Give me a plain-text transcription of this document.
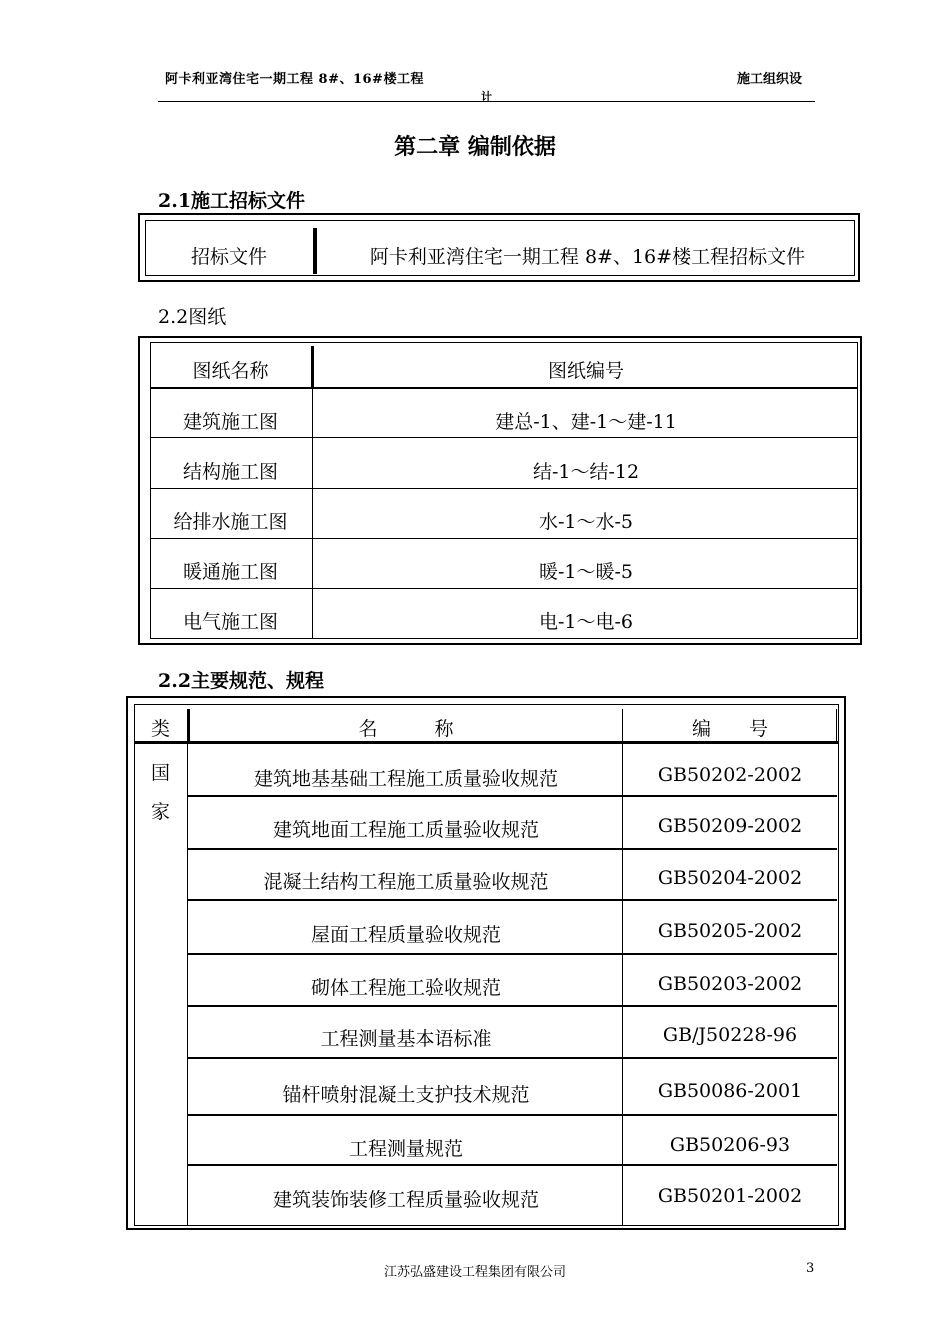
阿卡利亚湾住宅一期工程 8#、16#楼工程	施工组织设
计
第二章 编制依据
2.1施工招标文件
招标文件	阿卡利亚湾住宅一期工程 8#、16#楼工程招标文件
2.2图纸
图纸名称	图纸编号
建筑施工图	建总-1、建-1～建-11
结构施工图	结-1～结-12
给排水施工图	水-1～水-5
暖通施工图	暖-1～暖-5
电气施工图	电-1～电-6
2.2主要规范、规程
类	名　　　称	编　　号
国
家
建筑地基基础工程施工质量验收规范	GB50202-2002
建筑地面工程施工质量验收规范	GB50209-2002
混凝土结构工程施工质量验收规范	GB50204-2002
屋面工程质量验收规范	GB50205-2002
砌体工程施工验收规范	GB50203-2002
工程测量基本语标准	GB/J50228-96
锚杆喷射混凝土支护技术规范	GB50086-2001
工程测量规范	GB50206-93
建筑装饰装修工程质量验收规范	GB50201-2002
江苏弘盛建设工程集团有限公司	3
